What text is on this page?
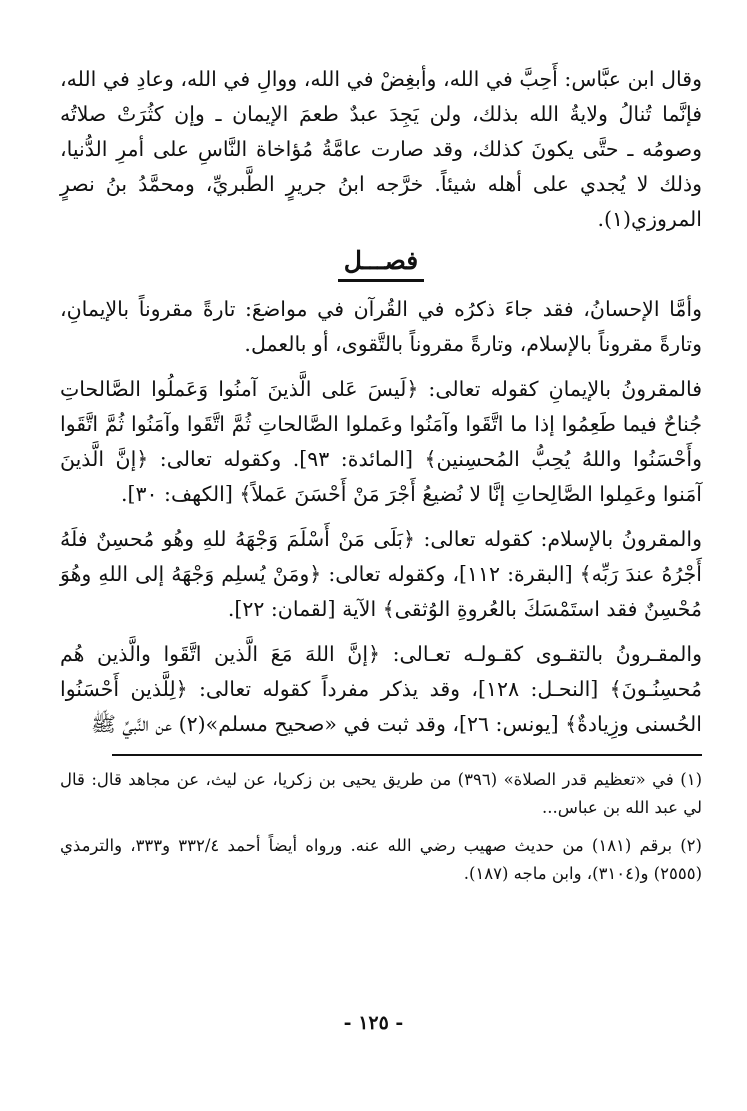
وقال ابن عبَّاس: أَحِبَّ في الله، وأبغِضْ في الله، ووالِ في الله، وعادِ في الله، فإنَّما تُنالُ ولايةُ الله بذلك، ولن يَجِدَ عبدٌ طعمَ الإيمان ـ وإن كثُرَتْ صلاتُه وصومُه ـ حتَّى يكونَ كذلك، وقد صارت عامَّةُ مُؤاخاة النَّاسِ على أمرِ الدُّنيا، وذلك لا يُجدي على أهله شيئاً. خرَّجه ابنُ جريرٍ الطَّبريِّ، ومحمَّدُ بنُ نصرٍ المروزي(١).

فصـــل

وأمَّا الإحسانُ، فقد جاءَ ذكرُه في القُرآن في مواضعَ: تارةً مقروناً بالإيمانِ، وتارةً مقروناً بالإسلام، وتارةً مقروناً بالتَّقوى، أو بالعمل.

فالمقرونُ بالإيمانِ كقوله تعالى: ﴿لَيسَ عَلى الَّذينَ آمنُوا وَعَملُوا الصَّالحاتِ جُناحٌ فيما طَعِمُوا إذا ما اتَّقَوا وآمَنُوا وعَملوا الصَّالحاتِ ثُمَّ اتَّقَوا وآمَنُوا ثُمَّ اتَّقَوا وأَحْسَنُوا واللهُ يُحِبُّ المُحسِنين﴾ [المائدة: ٩٣]. وكقوله تعالى: ﴿إنَّ الَّذينَ آمَنوا وعَمِلوا الصَّالِحاتِ إنَّا لا نُضيعُ أَجْرَ مَنْ أَحْسَنَ عَملاً﴾ [الكهف: ٣٠].

والمقرونُ بالإسلام: كقوله تعالى: ﴿بَلَى مَنْ أَسْلَمَ وَجْهَهُ للهِ وهُو مُحسِنٌ فلَهُ أَجْرُهُ عندَ رَبِّه﴾ [البقرة: ١١٢]، وكقوله تعالى: ﴿ومَنْ يُسلِم وَجْهَهُ إلى اللهِ وهُوَ مُحْسِنٌ فقد استَمْسَكَ بالعُروةِ الوُثقى﴾ الآية [لقمان: ٢٢].

والمقـرونُ بالتقـوى كقـولـه تعـالى: ﴿إنَّ اللهَ مَعَ الَّذين اتَّقَوا والَّذين هُم مُحسِنُـونَ﴾ [النحـل: ١٢٨]، وقد يذكر مفرداً كقوله تعالى: ﴿لِلَّذين أَحْسَنُوا الحُسنى وزِيادةٌ﴾ [يونس: ٢٦]، وقد ثبت في «صحيح مسلم»(٢) عن النَّبيِّ ﷺ

(١) في «تعظيم قدر الصلاة» (٣٩٦) من طريق يحيى بن زكريا، عن ليث، عن مجاهد قال: قال لي عبد الله بن عباس...

(٢) برقم (١٨١) من حديث صهيب رضي الله عنه. ورواه أيضاً أحمد ٣٣٢/٤ و٣٣٣، والترمذي (٢٥٥٥) و(٣١٠٤)، وابن ماجه (١٨٧).

- ١٢٥ -
